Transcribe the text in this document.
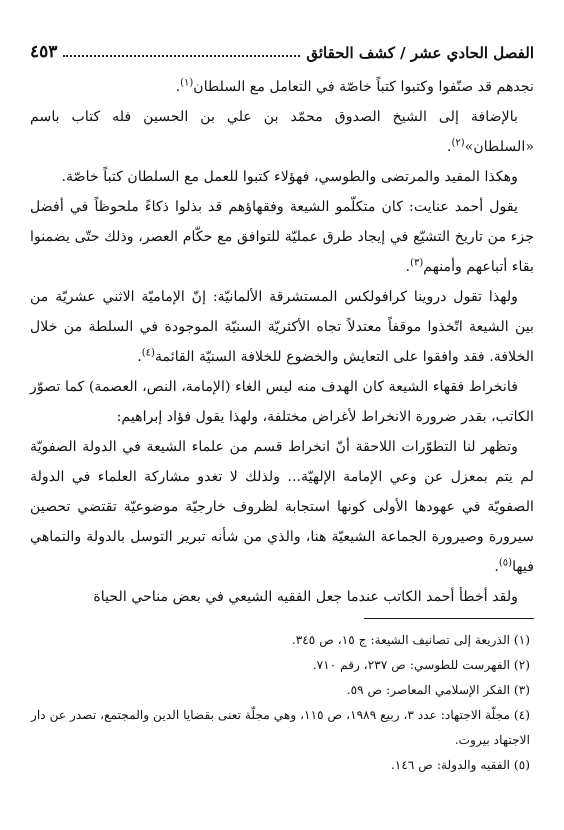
الفصل الحادي عشر / كشف الحقائق
٤٥٣

نجدهم قد صنّفوا وكتبوا كتباً خاصّة في التعامل مع السلطان$^{(١)}$.

بالإضافة إلى الشيخ الصدوق محمّد بن علي بن الحسين فله كتاب باسم «السلطان»$^{(٢)}$.

وهكذا المفيد والمرتضى والطوسي، فهؤلاء كتبوا للعمل مع السلطان كتباً خاصّة.

يقول أحمد عنايت: كان متكلّمو الشيعة وفقهاؤهم قد بذلوا ذكاءً ملحوظاً في أفضل جزء من تاريخ التشيّع في إيجاد طرق عمليّة للتوافق مع حكّام العصر، وذلك حتّى يضمنوا بقاء أتباعهم وأمنهم$^{(٣)}$.

ولهذا تقول دروينا كرافولكس المستشرقة الألمانيّة: إنّ الإماميّة الاثني عشريّة من بين الشيعة اتّخذوا موقفاً معتدلاً تجاه الأكثريّة السنيّة الموجودة في السلطة من خلال الخلافة. فقد وافقوا على التعايش والخضوع للخلافة السنيّة القائمة$^{(٤)}$.

فانخراط فقهاء الشيعة كان الهدف منه ليس الغاء (الإمامة، النص، العصمة) كما تصوّر الكاتب، بقدر ضرورة الانخراط لأغراض مختلفة، ولهذا يقول فؤاد إبراهيم:

وتظهر لنا التطوّرات اللاحقة أنّ انخراط قسم من علماء الشيعة في الدولة الصفويّة لم يتم بمعزل عن وعي الإمامة الإلهيّة... ولذلك لا تغدو مشاركة العلماء في الدولة الصفويّة في عهودها الأولى كونها استجابة لظروف خارجيّة موضوعيّة تقتضي تحصين سيرورة وصيرورة الجماعة الشيعيّة هنا، والذي من شأنه تبرير التوسل بالدولة والتماهي فيها$^{(٥)}$.

ولقد أخطأ أحمد الكاتب عندما جعل الفقيه الشيعي في بعض مناحي الحياة

(١) الذريعة إلى تصانيف الشيعة: ج ١٥، ص ٣٤٥.

(٢) الفهرست للطوسي: ص ٢٣٧، رقم ٧١٠.

(٣) الفكر الإسلامي المعاصر: ص ٥٩.

(٤) مجلّة الاجتهاد: عدد ٣، ربيع ١٩٨٩، ص ١١٥، وهي مجلّة تعنى بقضايا الدين والمجتمع، تصدر عن دار الاجتهاد بيروت.

(٥) الفقيه والدولة: ص ١٤٦.
